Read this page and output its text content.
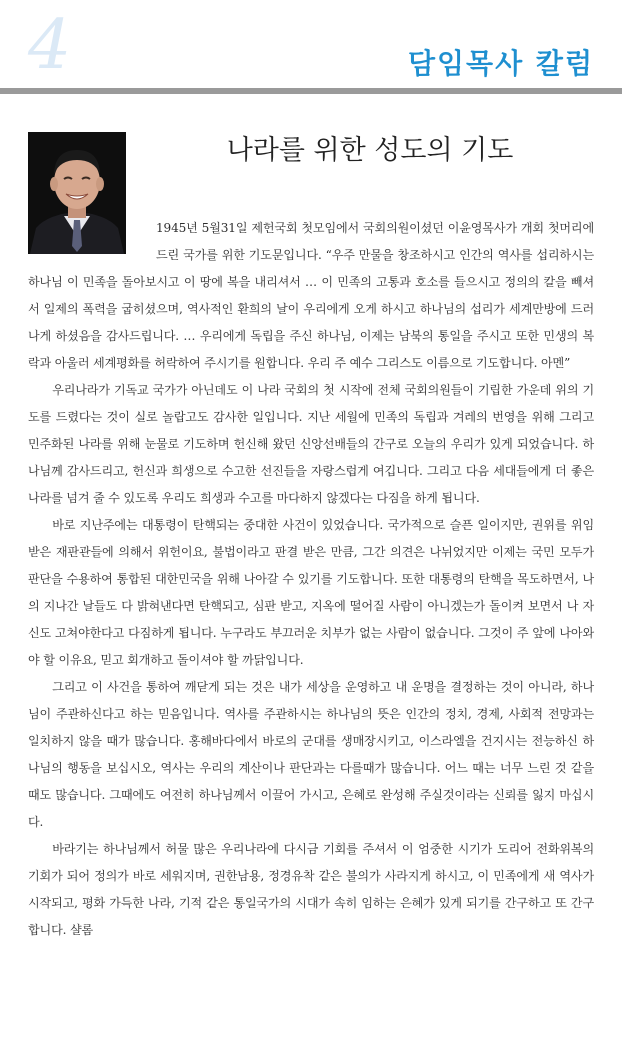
4	담임목사 칼럼
나라를 위한 성도의 기도

1945년 5월31일 제헌국회 첫모임에서 국회의원이셨던 이윤영목사가 개회 첫머리에 드린 국가를 위한 기도문입니다. “우주 만물을 창조하시고 인간의 역사를 섭리하시는 하나님 이 민족을 돌아보시고 이 땅에 복을 내리셔서 … 이 민족의 고통과 호소를 들으시고 정의의 칼을 빼셔서 일제의 폭력을 굽히셨으며, 역사적인 환희의 날이 우리에게 오게 하시고 하나님의 섭리가 세계만방에 드러나게 하셨음을 감사드립니다. … 우리에게 독립을 주신 하나님, 이제는 남북의 통일을 주시고 또한 민생의 복락과 아울러 세계평화를 허락하여 주시기를 원합니다. 우리 주 예수 그리스도 이름으로 기도합니다. 아멘”

우리나라가 기독교 국가가 아닌데도 이 나라 국회의 첫 시작에 전체 국회의원들이 기립한 가운데 위의 기도를 드렸다는 것이 실로 놀랍고도 감사한 일입니다. 지난 세월에 민족의 독립과 겨레의 번영을 위해 그리고 민주화된 나라를 위해 눈물로 기도하며 헌신해 왔던 신앙선배들의 간구로 오늘의 우리가 있게 되었습니다. 하나님께 감사드리고, 헌신과 희생으로 수고한 선진들을 자랑스럽게 여깁니다. 그리고 다음 세대들에게 더 좋은 나라를 넘겨 줄 수 있도록 우리도 희생과 수고를 마다하지 않겠다는 다짐을 하게 됩니다.

바로 지난주에는 대통령이 탄핵되는 중대한 사건이 있었습니다. 국가적으로 슬픈 일이지만, 권위를 위임받은 재판관들에 의해서 위헌이요, 불법이라고 판결 받은 만큼, 그간 의견은 나뉘었지만 이제는 국민 모두가 판단을 수용하여 통합된 대한민국을 위해 나아갈 수 있기를 기도합니다. 또한 대통령의 탄핵을 목도하면서, 나의 지나간 날들도 다 밝혀낸다면 탄핵되고, 심판 받고, 지옥에 떨어질 사람이 아니겠는가 돌이켜 보면서 나 자신도 고쳐야한다고 다짐하게 됩니다. 누구라도 부끄러운 치부가 없는 사람이 없습니다. 그것이 주 앞에 나아와야 할 이유요, 믿고 회개하고 돌이셔야 할 까닭입니다.

그리고 이 사건을 통하여 깨닫게 되는 것은 내가 세상을 운영하고 내 운명을 결정하는 것이 아니라, 하나님이 주관하신다고 하는 믿음입니다. 역사를 주관하시는 하나님의 뜻은 인간의 정치, 경제, 사회적 전망과는 일치하지 않을 때가 많습니다. 홍해바다에서 바로의 군대를 생매장시키고, 이스라엘을 건지시는 전능하신 하나님의 행동을 보십시오, 역사는 우리의 계산이나 판단과는 다를때가 많습니다. 어느 때는 너무 느린 것 같을 때도 많습니다. 그때에도 여전히 하나님께서 이끌어 가시고, 은혜로 완성해 주실것이라는 신뢰를 잃지 마십시다.

바라기는 하나님께서 허물 많은 우리나라에 다시금 기회를 주셔서 이 엄중한 시기가 도리어 전화위복의 기회가 되어 정의가 바로 세워지며, 권한남용, 정경유착 같은 불의가 사라지게 하시고, 이 민족에게 새 역사가 시작되고, 평화 가득한 나라, 기적 같은 통일국가의 시대가 속히 임하는 은혜가 있게 되기를 간구하고 또 간구합니다. 샬롬
